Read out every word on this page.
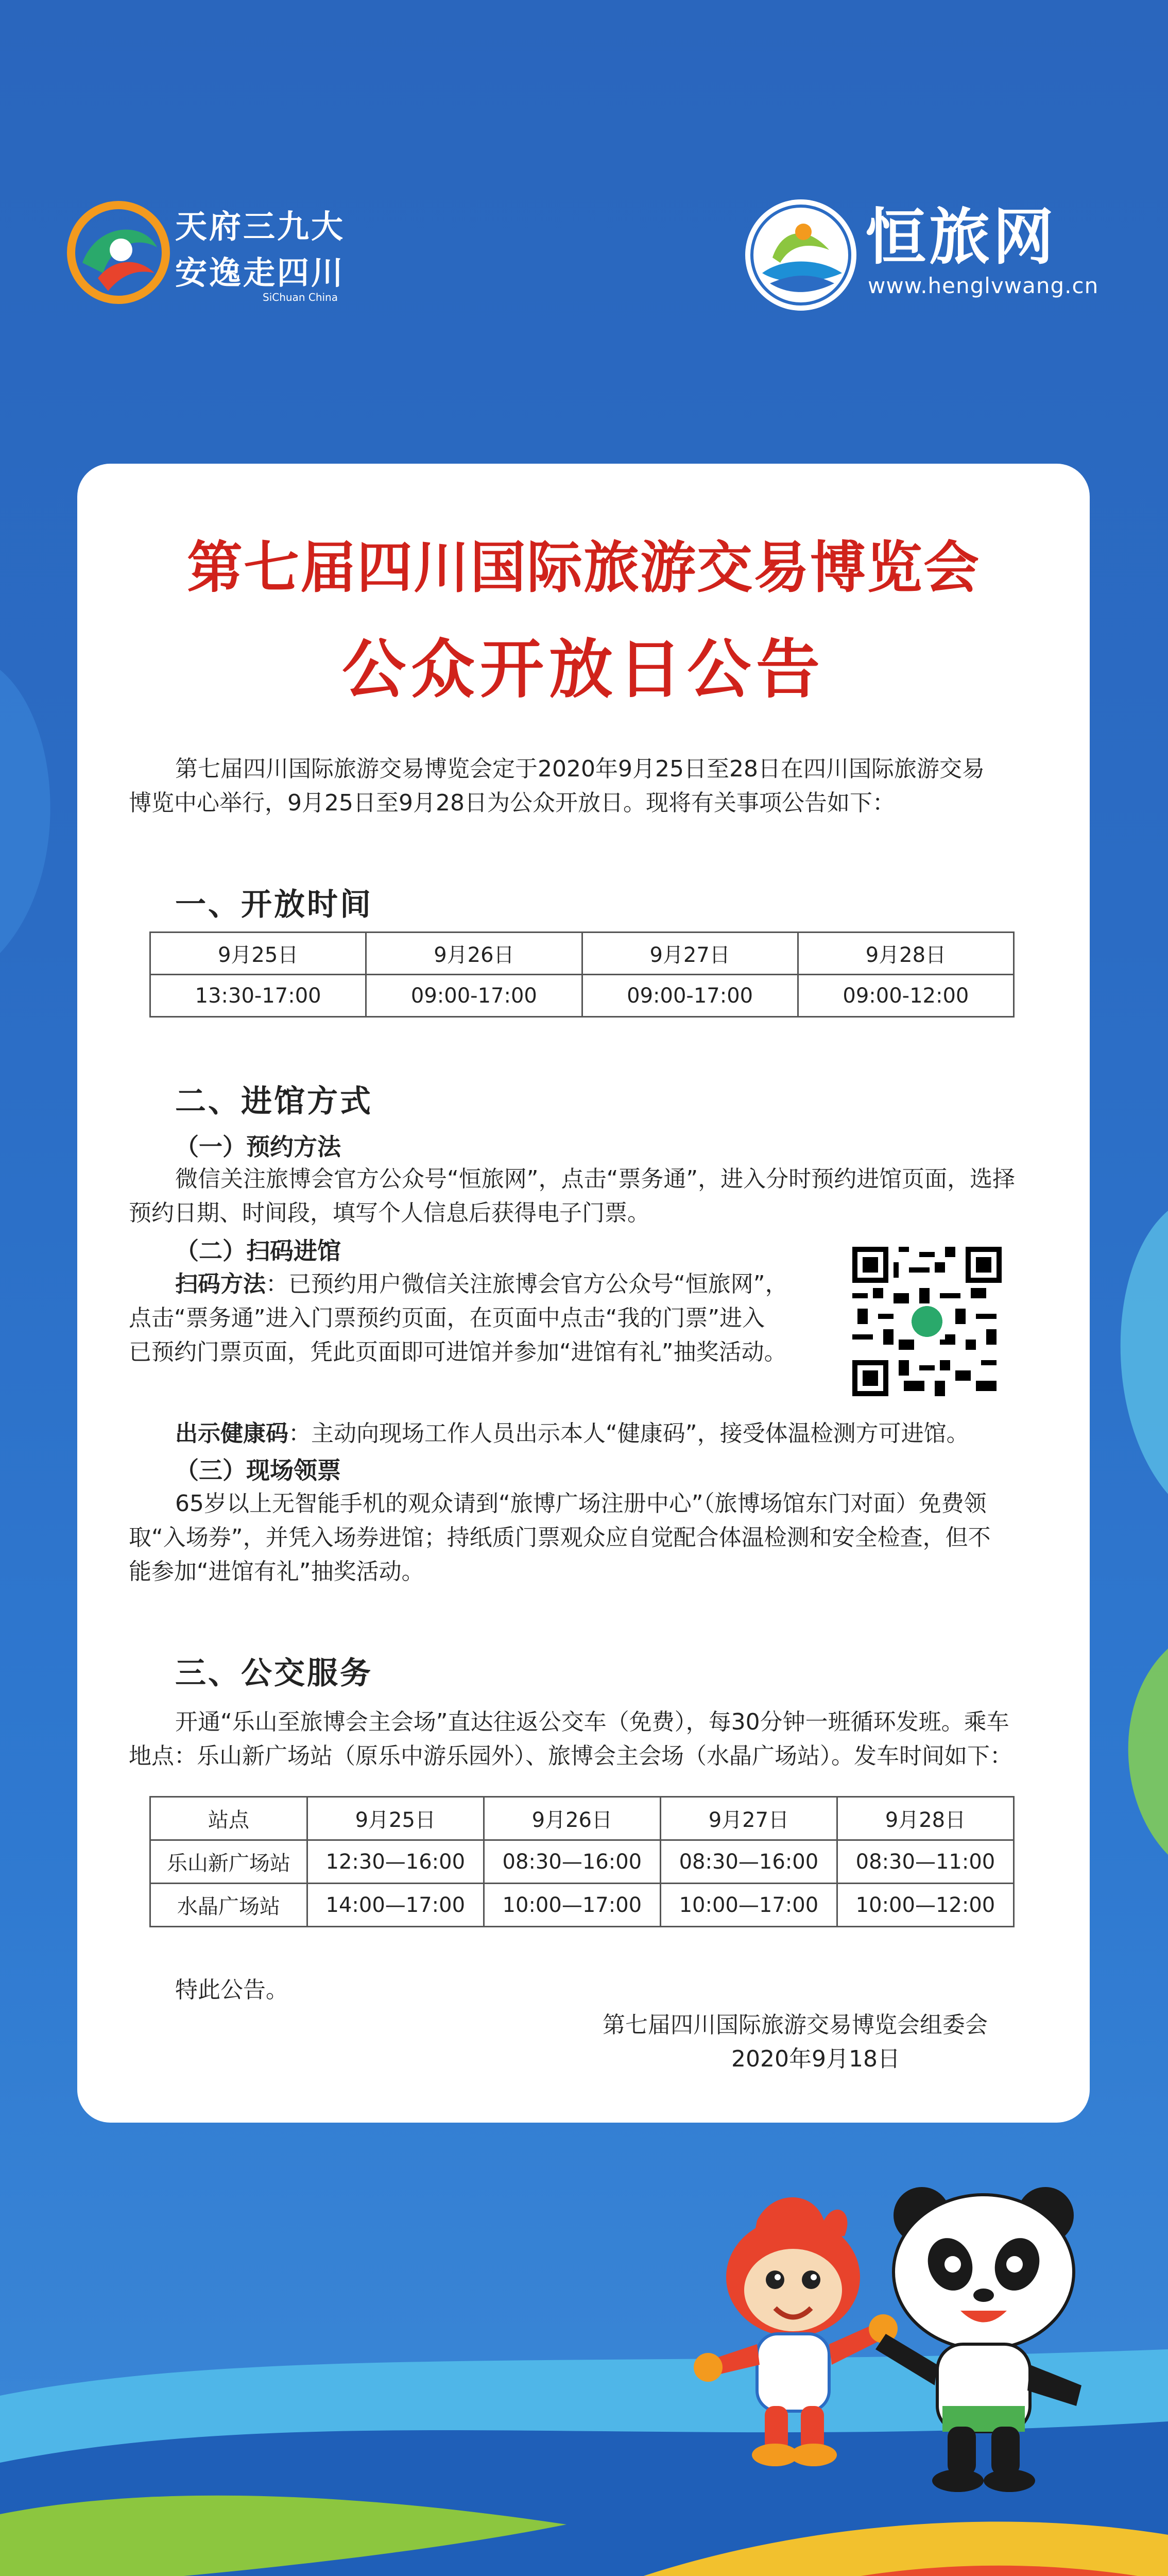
天府三九大
安逸走四川
SiChuan China
恒旅网
www.henglvwang.cn
第七届四川国际旅游交易博览会
公众开放日公告
第七届四川国际旅游交易博览会定于2020年9月25日至28日在四川国际旅游交易
博览中心举行，9月25日至9月28日为公众开放日。现将有关事项公告如下：
一、开放时间
9月25日	9月26日	9月27日	9月28日
13:30-17:00	09:00-17:00	09:00-17:00	09:00-12:00
二、进馆方式
（一）预约方法
微信关注旅博会官方公众号“恒旅网”，点击“票务通”，进入分时预约进馆页面，选择
预约日期、时间段，填写个人信息后获得电子门票。
（二）扫码进馆
扫码方法：已预约用户微信关注旅博会官方公众号“恒旅网”，
点击“票务通”进入门票预约页面，在页面中点击“我的门票”进入
已预约门票页面，凭此页面即可进馆并参加“进馆有礼”抽奖活动。
出示健康码：主动向现场工作人员出示本人“健康码”，接受体温检测方可进馆。
（三）现场领票
65岁以上无智能手机的观众请到“旅博广场注册中心”（旅博场馆东门对面）免费领
取“入场券”，并凭入场券进馆；持纸质门票观众应自觉配合体温检测和安全检查，但不
能参加“进馆有礼”抽奖活动。
三、公交服务
开通“乐山至旅博会主会场”直达往返公交车（免费），每30分钟一班循环发班。乘车
地点：乐山新广场站（原乐中游乐园外）、旅博会主会场（水晶广场站）。发车时间如下：
站点	9月25日	9月26日	9月27日	9月28日
乐山新广场站	12:30—16:00	08:30—16:00	08:30—16:00	08:30—11:00
水晶广场站	14:00—17:00	10:00—17:00	10:00—17:00	10:00—12:00
特此公告。
第七届四川国际旅游交易博览会组委会
2020年9月18日
